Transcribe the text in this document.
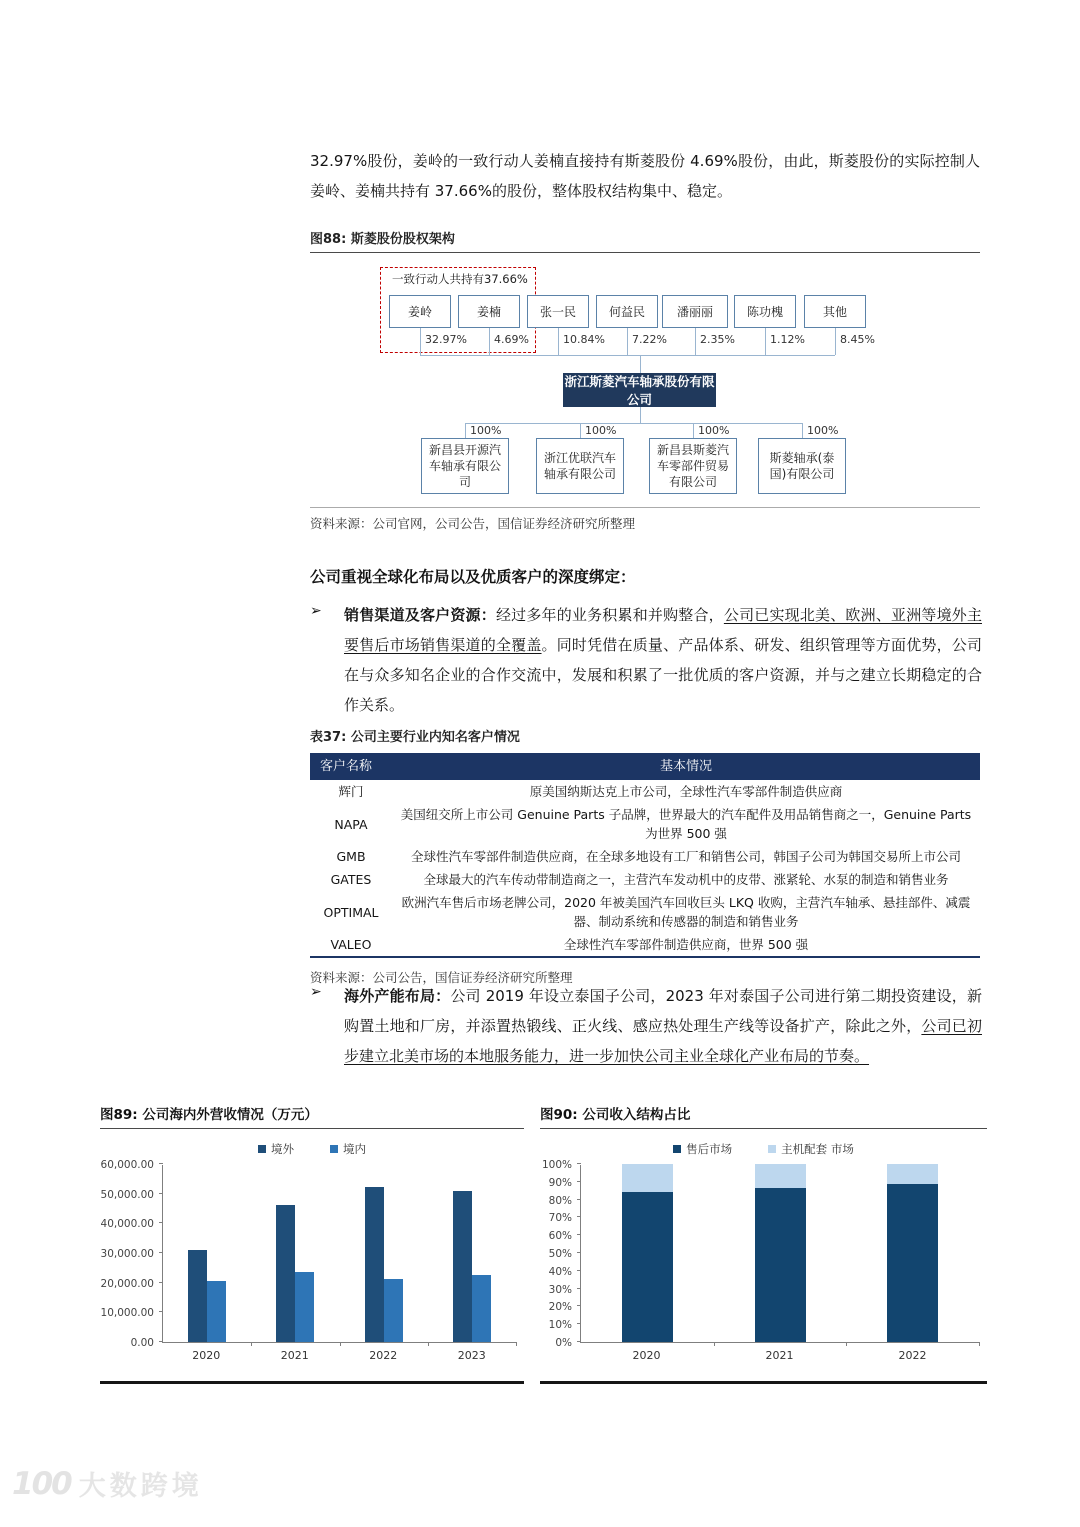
32.97%股份，姜岭的一致行动人姜楠直接持有斯菱股份 4.69%股份，由此，斯菱股份的实际控制人姜岭、姜楠共持有 37.66%的股份，整体股权结构集中、稳定。

图88: 斯菱股份股权架构
一致行动人共持有37.66%
姜岭
32.97%
姜楠
4.69%
张一民
10.84%
何益民
7.22%
潘丽丽
2.35%
陈功槐
1.12%
其他
8.45%
浙江斯菱汽车轴承股份有限公司
100%
新昌县开源汽车轴承有限公司
100%
浙江优联汽车轴承有限公司
100%
新昌县斯菱汽车零部件贸易有限公司
100%
斯菱轴承(泰国)有限公司
资料来源：公司官网，公司公告，国信证券经济研究所整理
公司重视全球化布局以及优质客户的深度绑定：
➢	销售渠道及客户资源：经过多年的业务积累和并购整合，公司已实现北美、欧洲、亚洲等境外主要售后市场销售渠道的全覆盖。同时凭借在质量、产品体系、研发、组织管理等方面优势，公司在与众多知名企业的合作交流中，发展和积累了一批优质的客户资源，并与之建立长期稳定的合作关系。

表37: 公司主要行业内知名客户情况
客户名称	基本情况
辉门	原美国纳斯达克上市公司，全球性汽车零部件制造供应商
NAPA	美国纽交所上市公司 Genuine Parts 子品牌，世界最大的汽车配件及用品销售商之一，Genuine Parts 为世界 500 强
GMB	全球性汽车零部件制造供应商，在全球多地设有工厂和销售公司，韩国子公司为韩国交易所上市公司
GATES	全球最大的汽车传动带制造商之一，主营汽车发动机中的皮带、涨紧轮、水泵的制造和销售业务
OPTIMAL	欧洲汽车售后市场老牌公司，2020 年被美国汽车回收巨头 LKQ 收购，主营汽车轴承、悬挂部件、减震器、制动系统和传感器的制造和销售业务
VALEO	全球性汽车零部件制造供应商，世界 500 强
资料来源：公司公告，国信证券经济研究所整理
➢	海外产能布局：公司 2019 年设立泰国子公司，2023 年对泰国子公司进行第二期投资建设，新购置土地和厂房，并添置热锻线、正火线、感应热处理生产线等设备扩产，除此之外，公司已初步建立北美市场的本地服务能力，进一步加快公司主业全球化产业布局的节奏。

图89: 公司海内外营收情况（万元）
境外	境内
0.00
10,000.00
20,000.00
30,000.00
40,000.00
50,000.00
60,000.00
2020	2021	2022	2023
图90: 公司收入结构占比
售后市场	主机配套 市场
0%
10%
20%
30%
40%
50%
60%
70%
80%
90%
100%
2020	2021	2022
100 大数跨境
